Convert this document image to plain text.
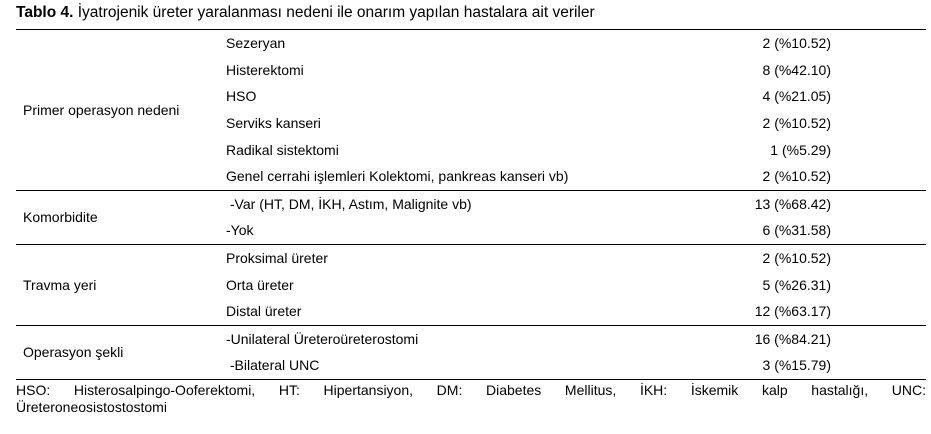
Tablo 4. İyatrojenik üreter yaralanması nedeni ile onarım yapılan hastalara ait veriler
Primer operasyon nedeni
Sezeryan	2 (%10.52)
Histerektomi	8 (%42.10)
HSO	4 (%21.05)
Serviks kanseri	2 (%10.52)
Radikal sistektomi	1 (%5.29)
Genel cerrahi işlemleri Kolektomi, pankreas kanseri vb)	2 (%10.52)
Komorbidite
-Var (HT, DM, İKH, Astım, Malignite vb)	13 (%68.42)
-Yok	6 (%31.58)
Travma yeri
Proksimal üreter	2 (%10.52)
Orta üreter	5 (%26.31)
Distal üreter	12 (%63.17)
Operasyon şekli
-Unilateral Üreteroüreterostomi	16 (%84.21)
-Bilateral UNC	3 (%15.79)
HSO: Histerosalpingo-Ooferektomi, HT: Hipertansiyon, DM: Diabetes Mellitus, İKH: İskemik kalp hastalığı, UNC:
Üreteroneosistostostomi
